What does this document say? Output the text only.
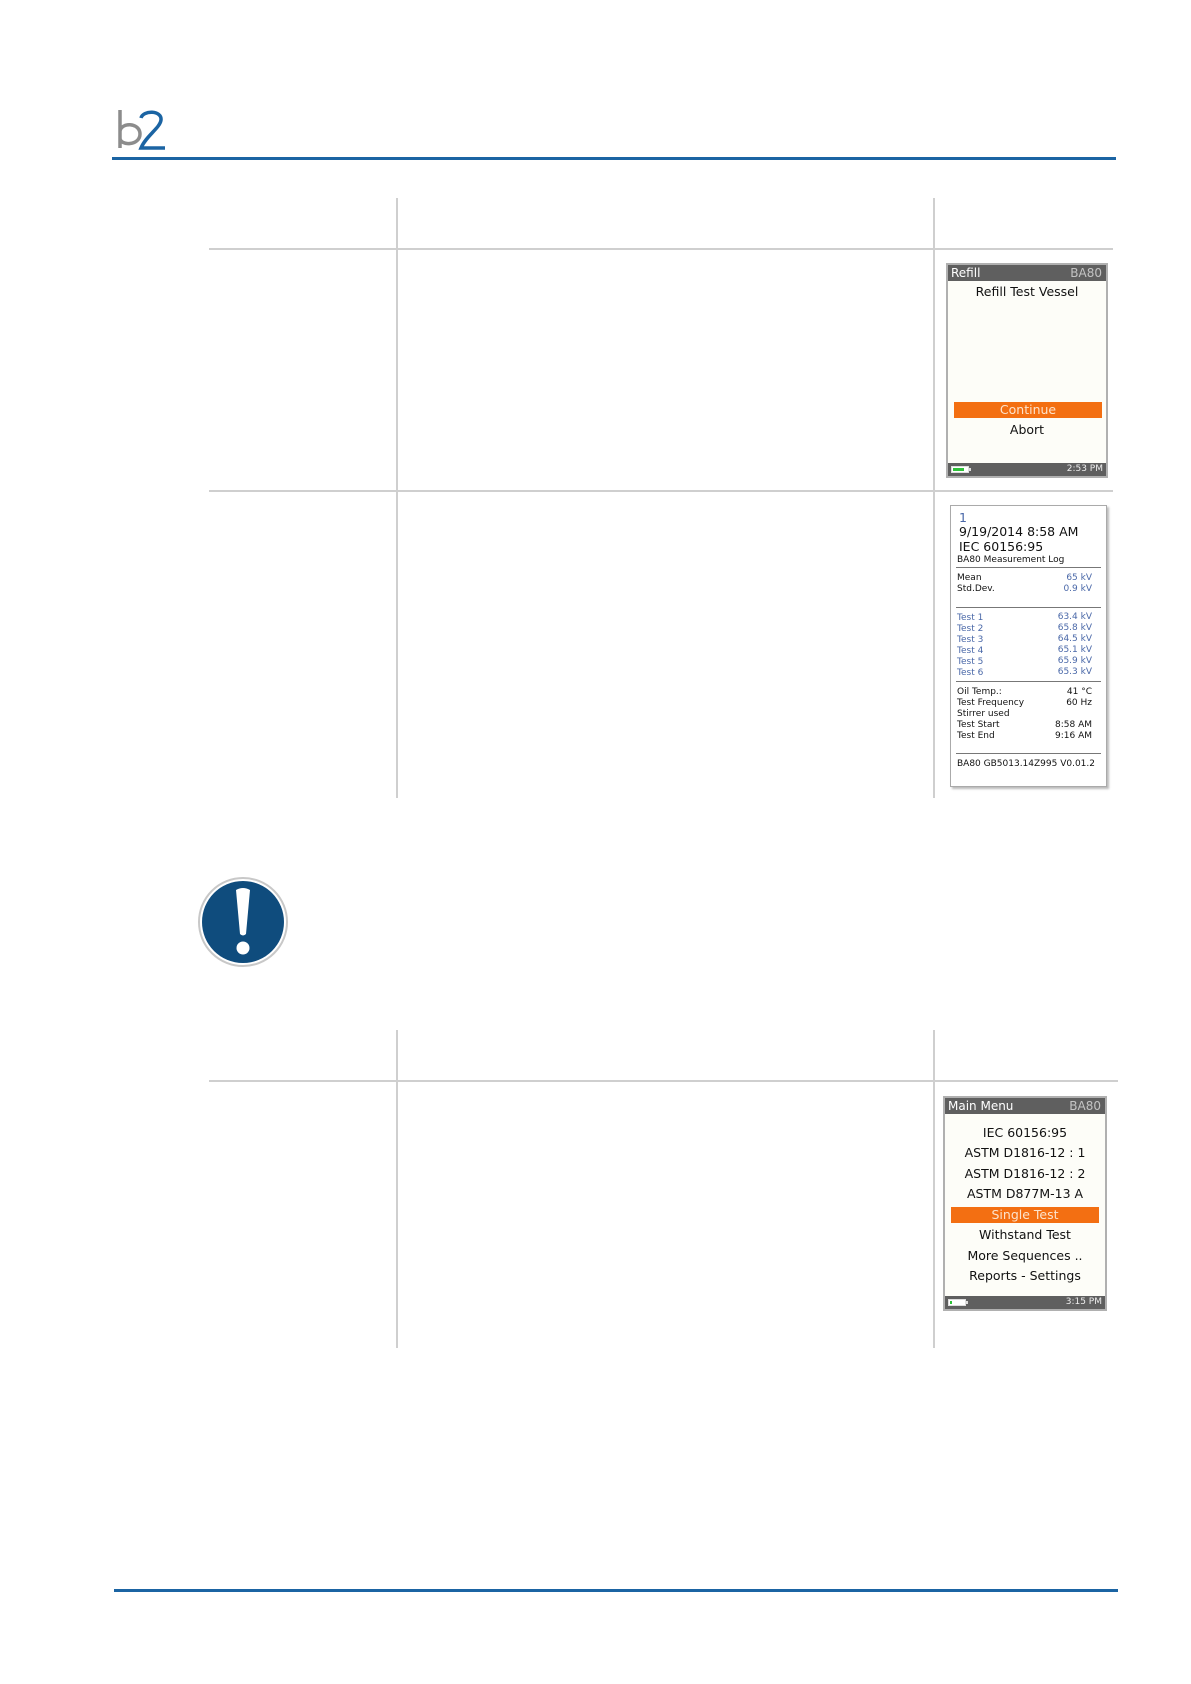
Refill	BA80
Refill Test Vessel
Continue
Abort
2:53 PM
1
9/19/2014 8:58 AM
IEC 60156:95
BA80 Measurement Log
Mean	65 kV
Std.Dev.	0.9 kV
Test 1	63.4 kV
Test 2	65.8 kV
Test 3	64.5 kV
Test 4	65.1 kV
Test 5	65.9 kV
Test 6	65.3 kV
Oil Temp.:	41 °C
Test Frequency	60 Hz
Stirrer used
Test Start	8:58 AM
Test End	9:16 AM
BA80 GB5013.14Z995 V0.01.2
Main Menu	BA80
IEC 60156:95
ASTM D1816-12 : 1
ASTM D1816-12 : 2
ASTM D877M-13 A
Single Test
Withstand Test
More Sequences ..
Reports - Settings
3:15 PM
